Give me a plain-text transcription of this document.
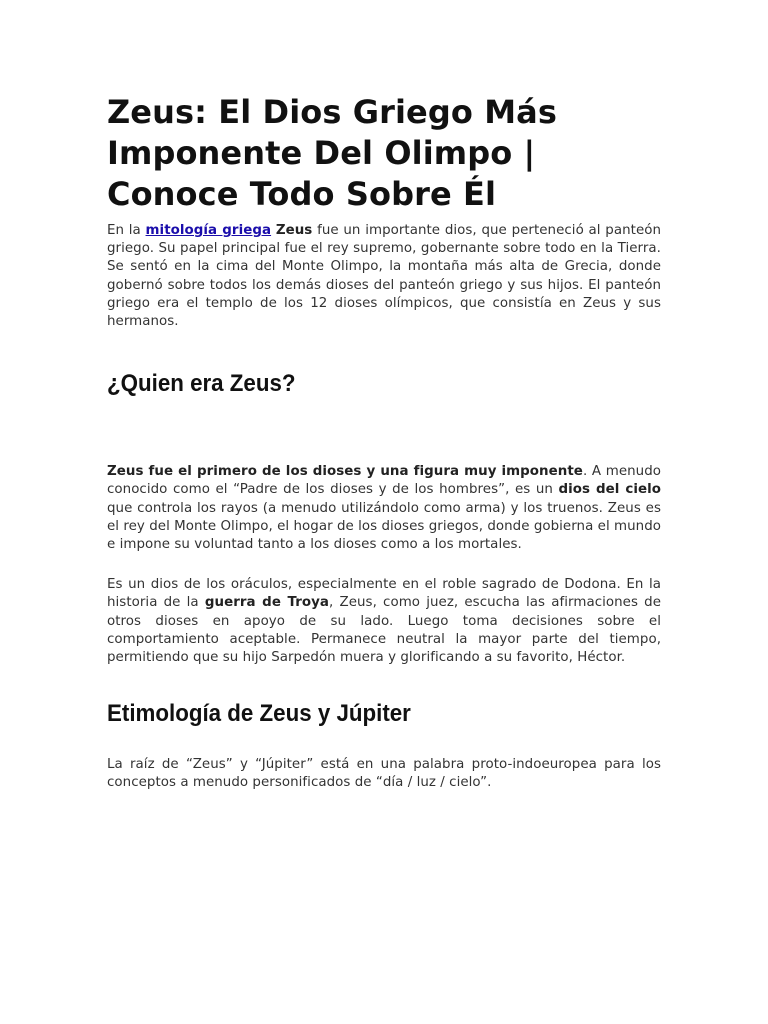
Zeus: El Dios Griego Más Imponente Del Olimpo | Conoce Todo Sobre Él

En la mitología griega Zeus fue un importante dios, que perteneció al panteón griego. Su papel principal fue el rey supremo, gobernante sobre todo en la Tierra. Se sentó en la cima del Monte Olimpo, la montaña más alta de Grecia, donde gobernó sobre todos los demás dioses del panteón griego y sus hijos. El panteón griego era el templo de los 12 dioses olímpicos, que consistía en Zeus y sus hermanos.

¿Quien era Zeus?

Zeus fue el primero de los dioses y una figura muy imponente. A menudo conocido como el “Padre de los dioses y de los hombres”, es un dios del cielo que controla los rayos (a menudo utilizándolo como arma) y los truenos. Zeus es el rey del Monte Olimpo, el hogar de los dioses griegos, donde gobierna el mundo e impone su voluntad tanto a los dioses como a los mortales.

Es un dios de los oráculos, especialmente en el roble sagrado de Dodona. En la historia de la guerra de Troya, Zeus, como juez, escucha las afirmaciones de otros dioses en apoyo de su lado. Luego toma decisiones sobre el comportamiento aceptable. Permanece neutral la mayor parte del tiempo, permitiendo que su hijo Sarpedón muera y glorificando a su favorito, Héctor.

Etimología de Zeus y Júpiter

La raíz de “Zeus” y “Júpiter” está en una palabra proto-indoeuropea para los conceptos a menudo personificados de “día / luz / cielo”.
